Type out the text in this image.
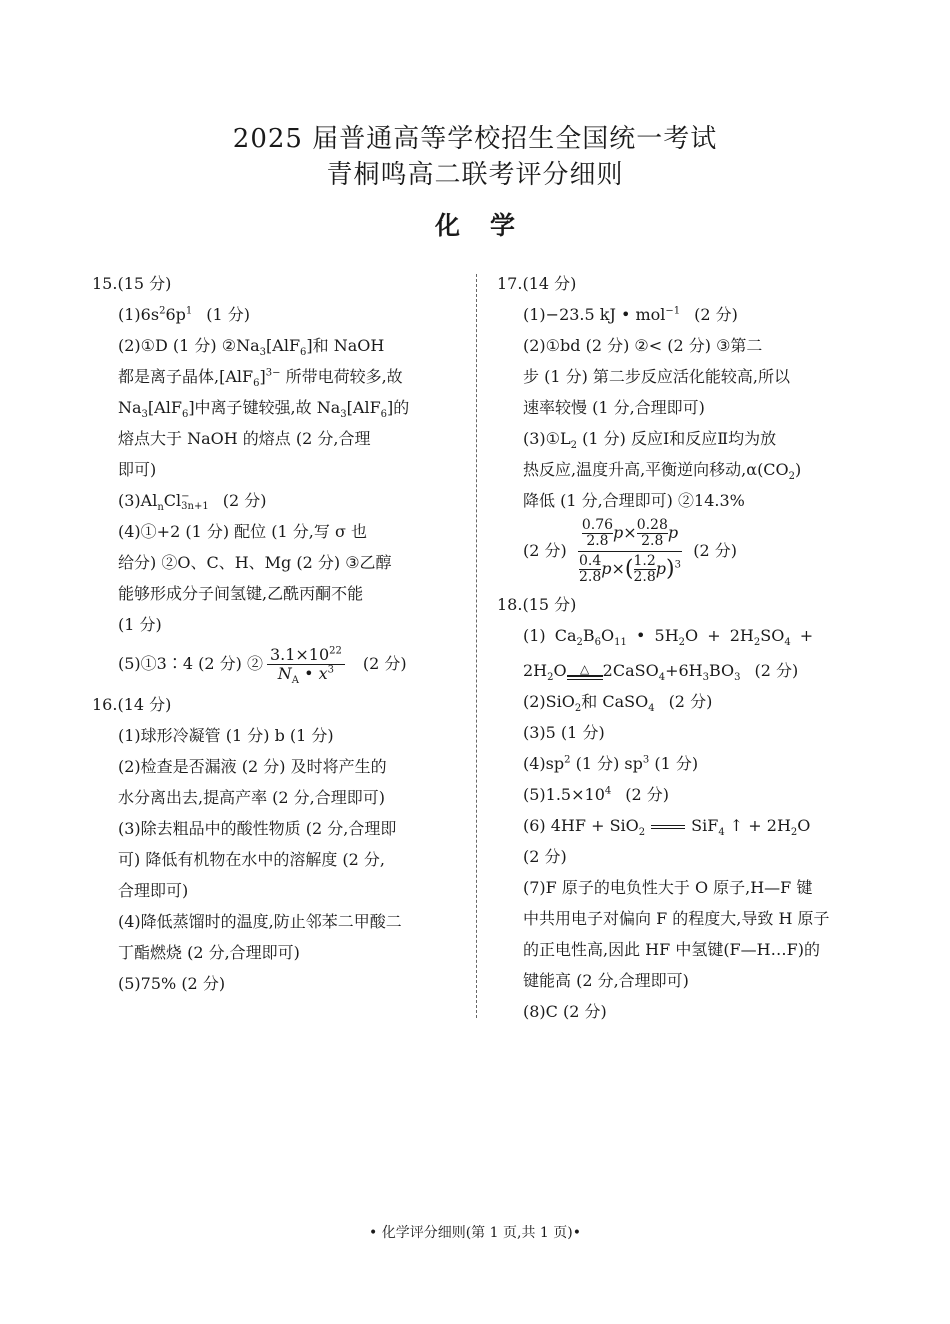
2025 届普通高等学校招生全国统一考试
青桐鸣高二联考评分细则
化学
15.(15 分)
$(1)6s^26p^1$ (1 分)
(2)①D (1 分) $②Na_3[AlF_6]$和 NaOH
都是离子晶体$,[AlF_6]^{3-}$ 所带电荷较多,故
$Na_3[AlF_6]$中离子键较强,故 $Na_3[AlF_6]$的
熔点大于 NaOH 的熔点 (2 分,合理
即可)
$(3)Al_nCl$ −
3n+1 (2 分)
(4)①+2 (1 分) 配位 (1 分,写 σ 也
给分) ②O、C、H、Mg (2 分) ③乙醇
能够形成分子间氢键,乙酰丙酮不能
(1 分)
(5)①3∶4 (2 分) ② $\frac{3.1\times 10^{22}}{N_A • x^3} (2$ 分)
16.(14 分)
(1)球形冷凝管 (1 分) b (1 分)
(2)检查是否漏液 (2 分) 及时将产生的
水分离出去,提高产率 (2 分,合理即可)
(3)除去粗品中的酸性物质 (2 分,合理即
可) 降低有机物在水中的溶解度 (2 分,
合理即可)
(4)降低蒸馏时的温度,防止邻苯二甲酸二
丁酯燃烧 (2 分,合理即可)
(5)75% (2 分)
17.(14 分)
(1)−23.5 kJ • mol$^{-1}$ (2 分)
(2)①bd (2 分) ②< (2 分) ③第二
步 (1 分) 第二步反应活化能较高,所以
速率较慢 (1 分,合理即可)
$(3)①L_2$ (1 分) 反应Ⅰ和反应Ⅱ均为放
热反应,温度升高,平衡逆向移动$,\alpha(CO_2)$
降低 (1 分,合理即可) ②14.3%
(2 分) $\frac{\frac{0.76}{2.8} p\times \frac{0.28}{2.8} p}{\frac{0.4}{2.8} p\times( \frac{1.2}{2.8} p)^3} (2$ 分)
18.(15 分)
(1) $Ca_2B_6O_{11}$ • $5H_2O + 2H_2SO_4$ +
$2H_2O$	△ $2CaSO_4+6H_3BO_3$ (2 分)
(2)SiO$_2$和 CaSO$_4$ (2 分)
(3)5 (1 分)
$(4)sp^2$ (1 分) $sp^3$ (1 分)
$(5)1.5\times 10^4$ (2 分)
(6) 4HF + SiO$_2$	SiF$_4$ ↑ + $2H_2O$
(2 分)
(7)F 原子的电负性大于 O 原子,H—F 键
中共用电子对偏向 F 的程度大,导致 H 原子
的正电性高,因此 HF 中氢键(F—H…F)的
键能高 (2 分,合理即可)
(8)C (2 分)
• 化学评分细则(第 1 页,共 1 页)•
